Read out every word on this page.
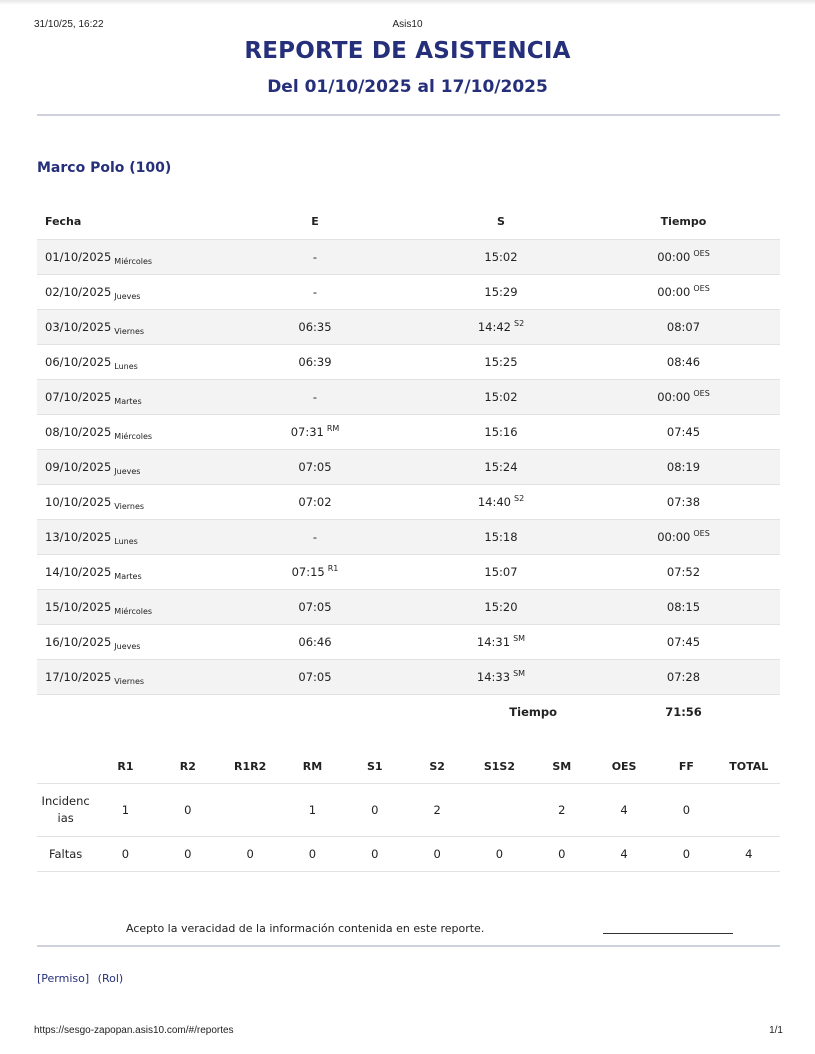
31/10/25, 16:22	Asis10
REPORTE DE ASISTENCIA
Del 01/10/2025 al 17/10/2025
Marco Polo (100)
Fecha	E	S	Tiempo
01/10/2025 $_{Miércoles}$	-	15:02	00:00 $^{OES}$
02/10/2025 $_{Jueves}$	-	15:29	00:00 $^{OES}$
03/10/2025 $_{Viernes}$	06:35	14:42 $^{S2}$	08:07
06/10/2025 $_{Lunes}$	06:39	15:25	08:46
07/10/2025 $_{Martes}$	-	15:02	00:00 $^{OES}$
08/10/2025 $_{Miércoles}$	07:31 $^{RM}$	15:16	07:45
09/10/2025 $_{Jueves}$	07:05	15:24	08:19
10/10/2025 $_{Viernes}$	07:02	14:40 $^{S2}$	07:38
13/10/2025 $_{Lunes}$	-	15:18	00:00 $^{OES}$
14/10/2025 $_{Martes}$	07:15 $^{R1}$	15:07	07:52
15/10/2025 $_{Miércoles}$	07:05	15:20	08:15
16/10/2025 $_{Jueves}$	06:46	14:31 ℠	07:45
17/10/2025 $_{Viernes}$	07:05	14:33 ℠	07:28
		Tiempo	71:56
	R1	R2	R1R2	RM	S1	S2	S1S2	SM	OES	FF	TOTAL
Incidenc
ias	1	0		1	0	2		2	4	0	
Faltas	0	0	0	0	0	0	0	0	4	0	4
Acepto la veracidad de la información contenida en este reporte.
[Permiso] (Rol)
https://sesgo-zapopan.asis10.com/#/reportes	1/1
